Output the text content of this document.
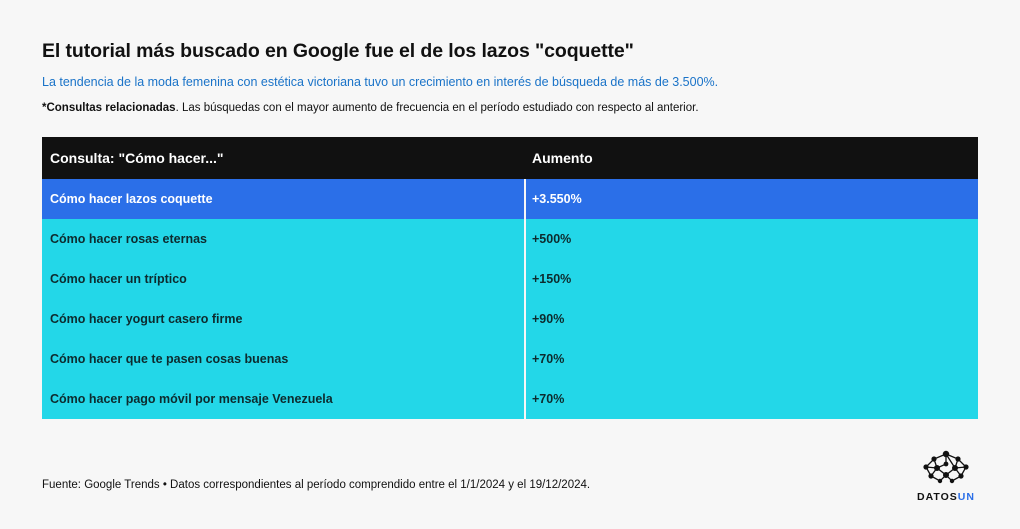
El tutorial más buscado en Google fue el de los lazos "coquette"
La tendencia de la moda femenina con estética victoriana tuvo un crecimiento en interés de búsqueda de más de 3.500%.
*Consultas relacionadas. Las búsquedas con el mayor aumento de frecuencia en el período estudiado con respecto al anterior.
Consulta: "Cómo hacer..."	Aumento
Cómo hacer lazos coquette	+3.550%
Cómo hacer rosas eternas	+500%
Cómo hacer un tríptico	+150%
Cómo hacer yogurt casero firme	+90%
Cómo hacer que te pasen cosas buenas	+70%
Cómo hacer pago móvil por mensaje Venezuela	+70%
Fuente: Google Trends • Datos correspondientes al período comprendido entre el 1/1/2024 y el 19/12/2024.
DATOSUN
